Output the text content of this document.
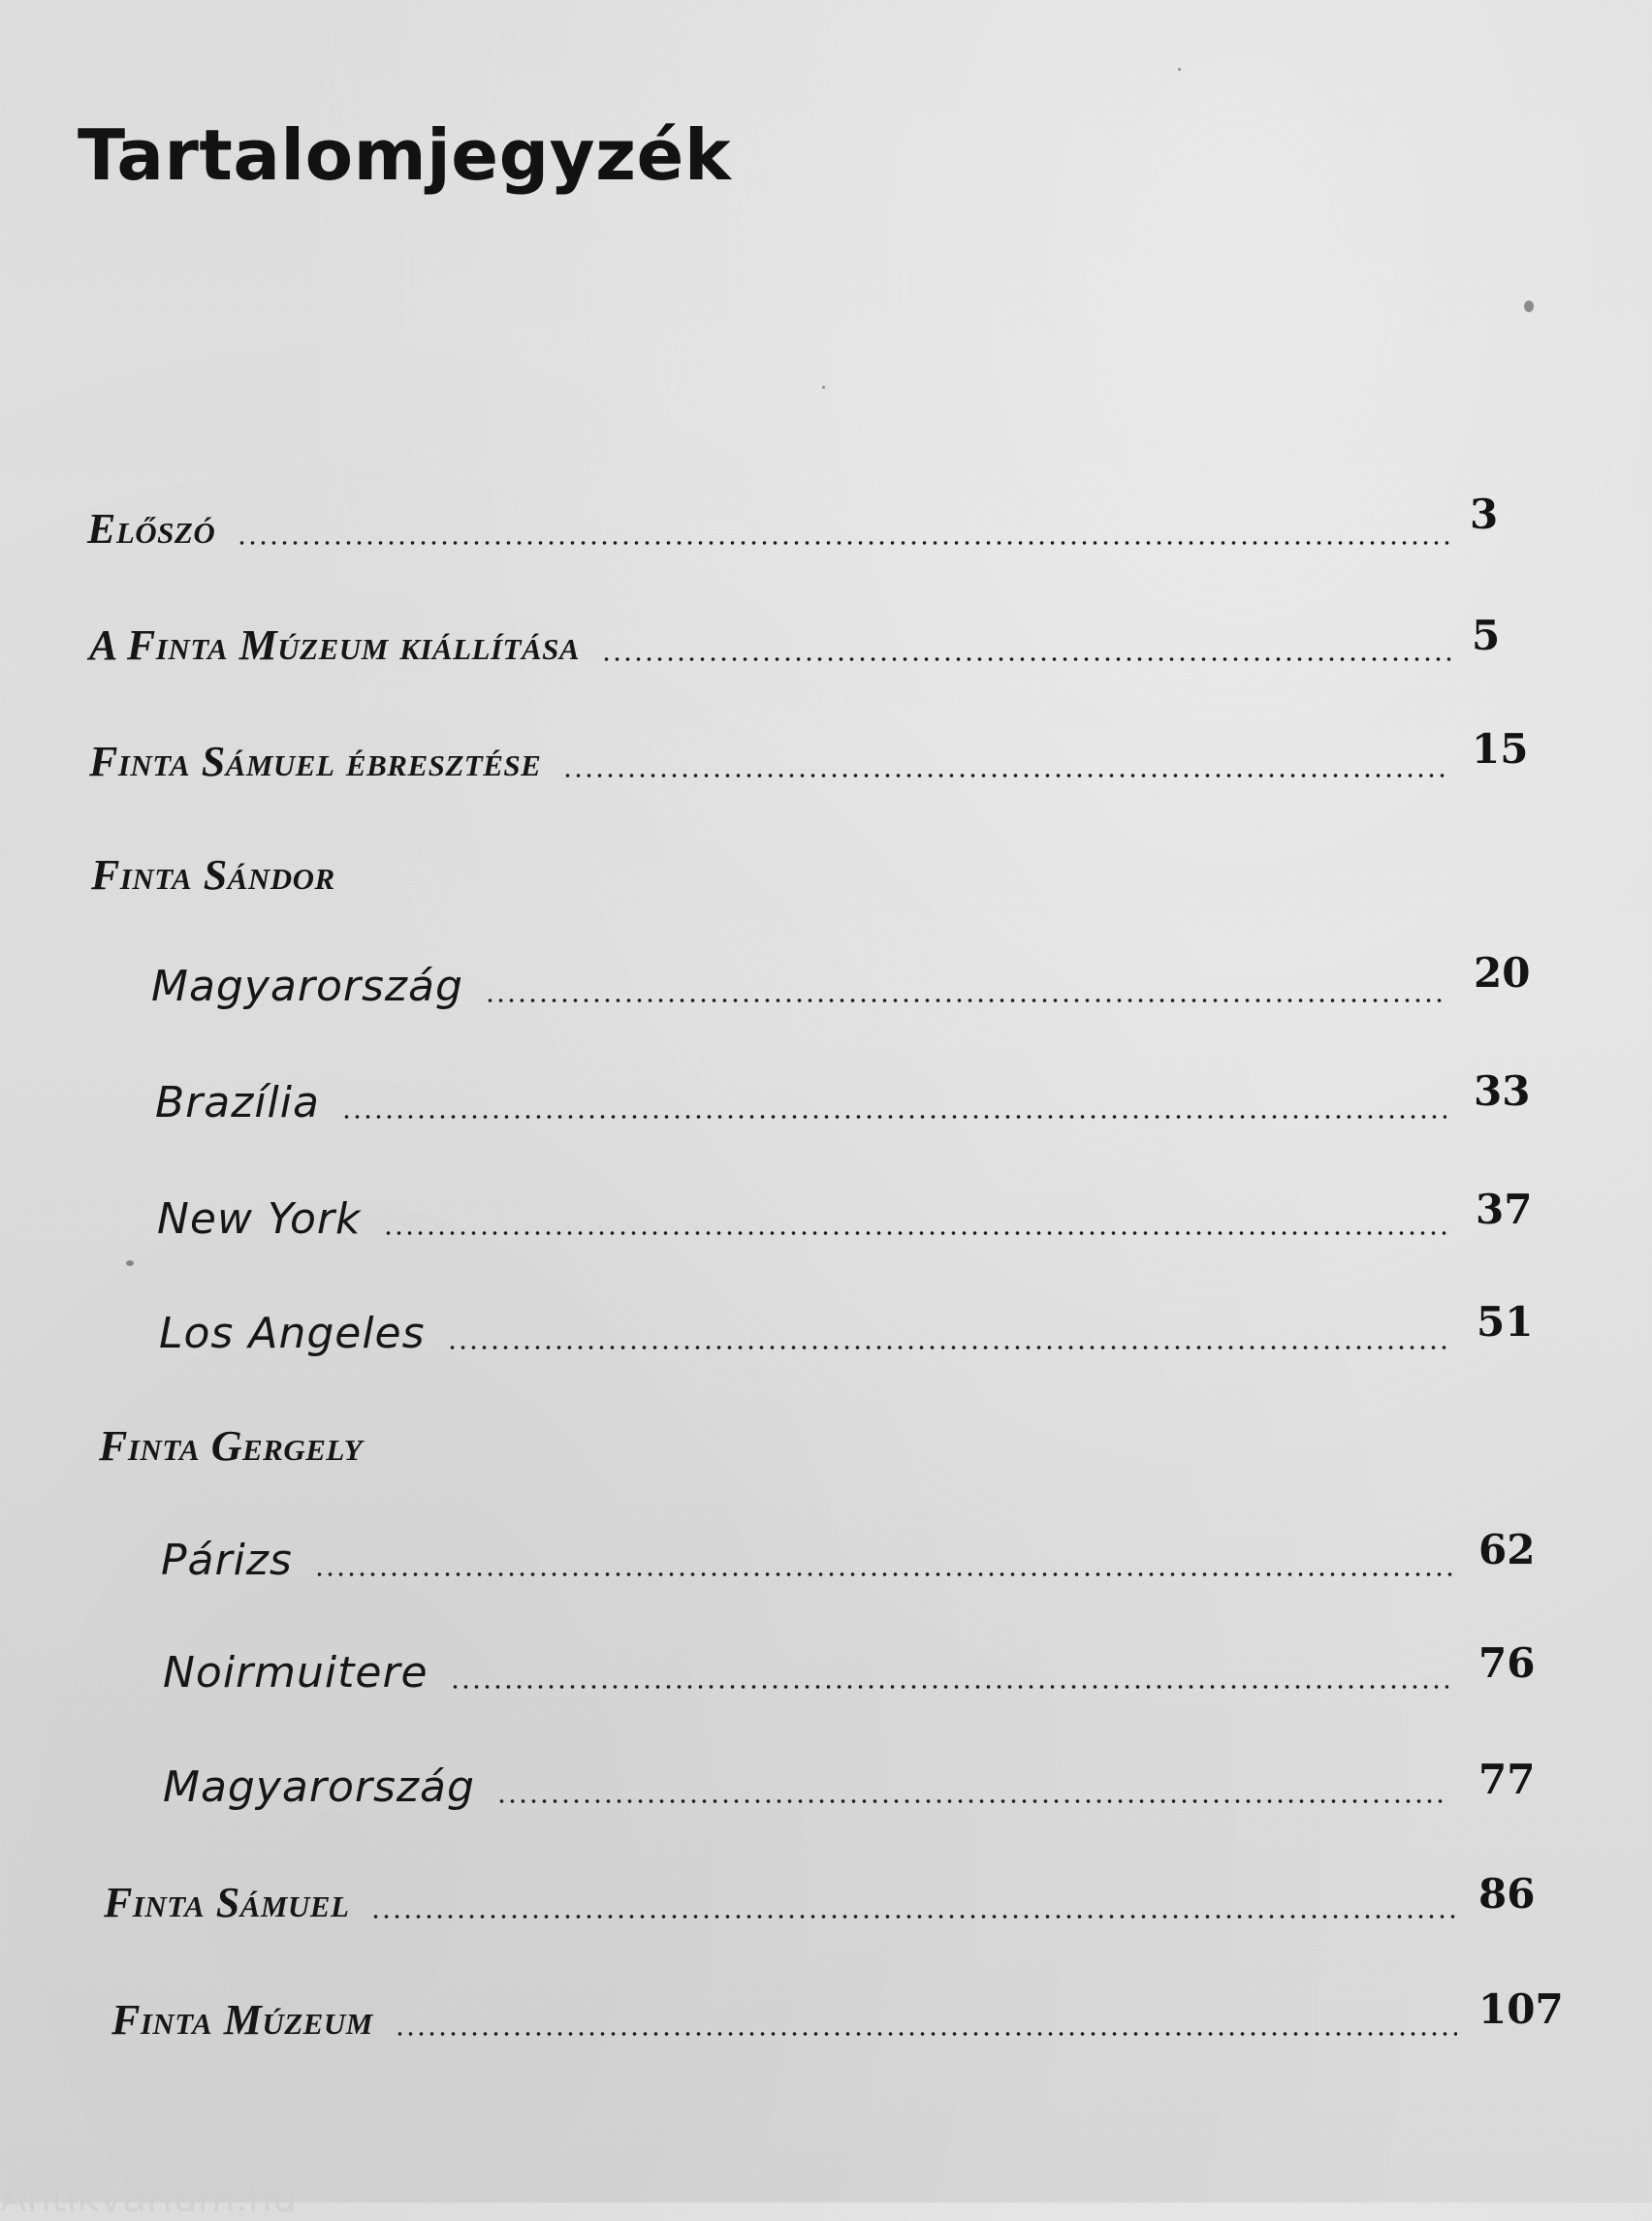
Tartalomjegyzék
Előszó	3
A Finta Múzeum kiállítása	5
Finta Sámuel ébresztése	15
Finta Sándor
Magyarország	20
Brazília	33
New York	37
Los Angeles	51
Finta Gergely
Párizs	62
Noirmuitere	76
Magyarország	77
Finta Sámuel	86
Finta Múzeum	107
Antikvarium.hu
